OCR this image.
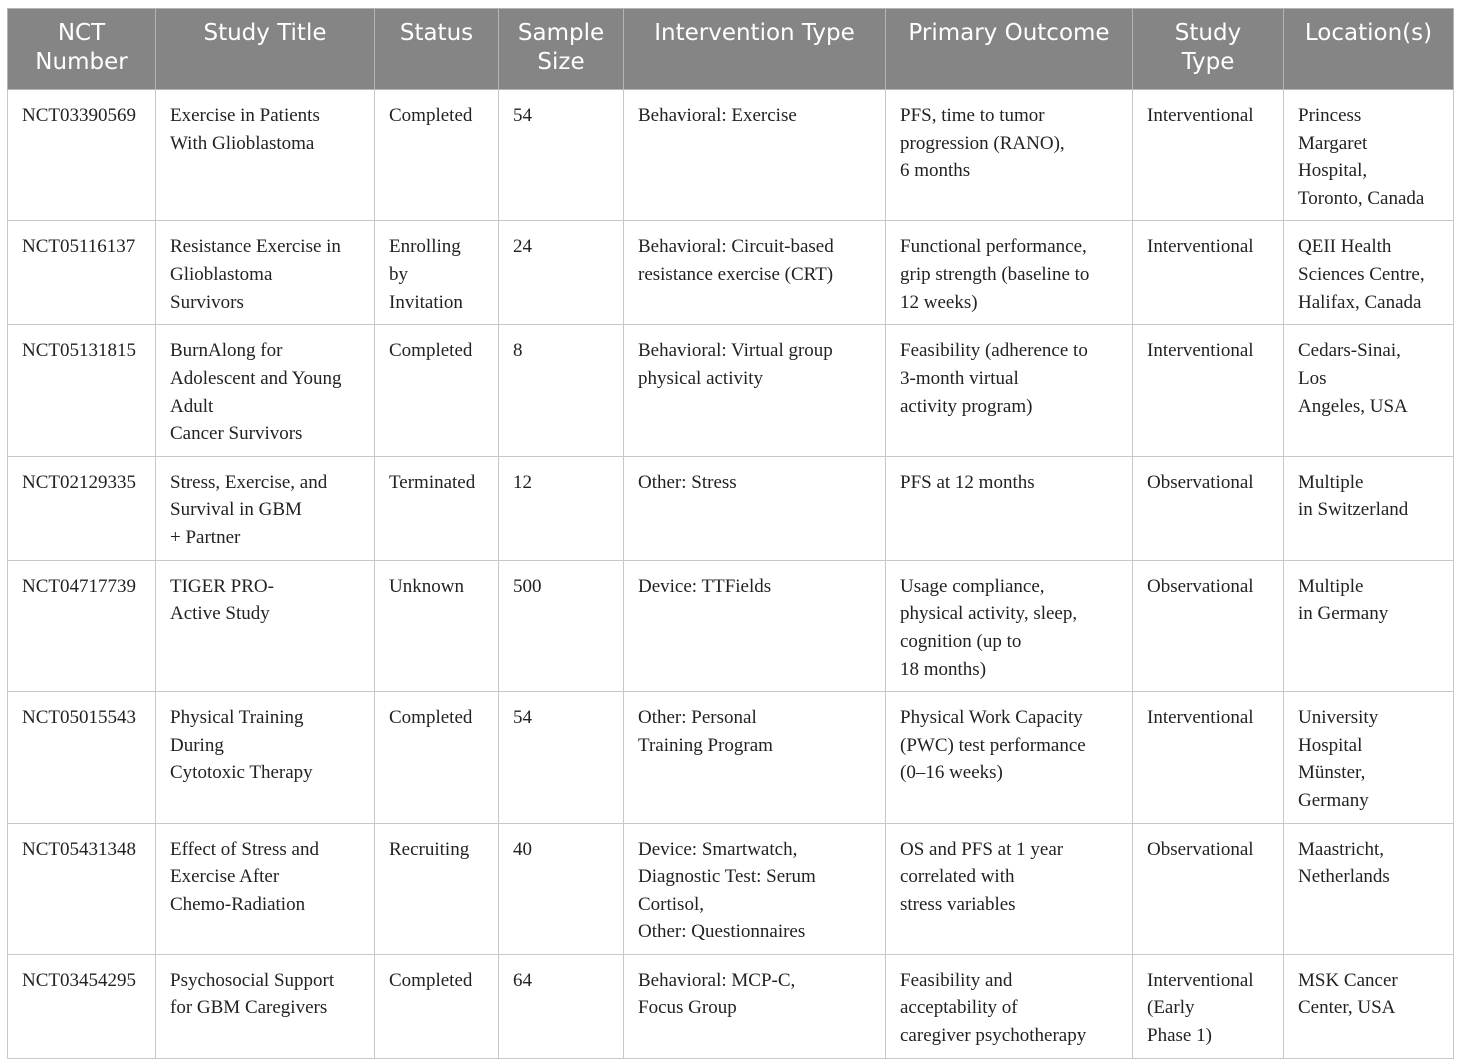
NCT
Number	Study Title	Status	Sample
Size	Intervention Type	Primary Outcome	Study
Type	Location(s)
NCT03390569	Exercise in Patients
With Glioblastoma	Completed	54	Behavioral: Exercise	PFS, time to tumor
progression (RANO),
6 months	Interventional	Princess
Margaret
Hospital,
Toronto, Canada
NCT05116137	Resistance Exercise in
Glioblastoma
Survivors	Enrolling
by
Invitation	24	Behavioral: Circuit-based
resistance exercise (CRT)	Functional performance,
grip strength (baseline to
12 weeks)	Interventional	QEII Health
Sciences Centre,
Halifax, Canada
NCT05131815	BurnAlong for
Adolescent and Young
Adult
Cancer Survivors	Completed	8	Behavioral: Virtual group
physical activity	Feasibility (adherence to
3-month virtual
activity program)	Interventional	Cedars-Sinai,
Los
Angeles, USA
NCT02129335	Stress, Exercise, and
Survival in GBM
+ Partner	Terminated	12	Other: Stress	PFS at 12 months	Observational	Multiple
in Switzerland
NCT04717739	TIGER PRO-
Active Study	Unknown	500	Device: TTFields	Usage compliance,
physical activity, sleep,
cognition (up to
18 months)	Observational	Multiple
in Germany
NCT05015543	Physical Training
During
Cytotoxic Therapy	Completed	54	Other: Personal
Training Program	Physical Work Capacity
(PWC) test performance
(0–16 weeks)	Interventional	University
Hospital
Münster,
Germany
NCT05431348	Effect of Stress and
Exercise After
Chemo-Radiation	Recruiting	40	Device: Smartwatch,
Diagnostic Test: Serum
Cortisol,
Other: Questionnaires	OS and PFS at 1 year
correlated with
stress variables	Observational	Maastricht,
Netherlands
NCT03454295	Psychosocial Support
for GBM Caregivers	Completed	64	Behavioral: MCP-C,
Focus Group	Feasibility and
acceptability of
caregiver psychotherapy	Interventional
(Early
Phase 1)	MSK Cancer
Center, USA
